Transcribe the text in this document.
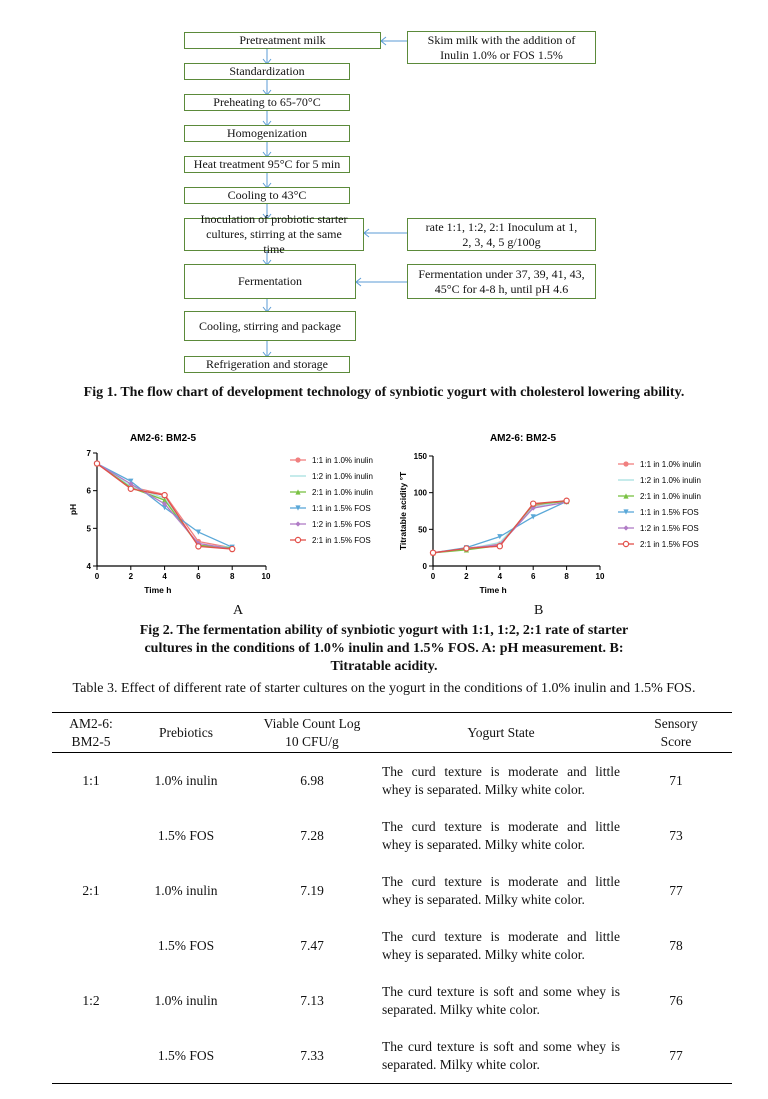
Pretreatment milk
Standardization
Preheating to 65-70°C
Homogenization
Heat treatment 95°C for 5 min
Cooling to 43°C
Inoculation of probiotic starter cultures, stirring at the same time
Fermentation
Cooling, stirring and package
Refrigeration and storage
Skim milk with the addition of Inulin 1.0% or FOS 1.5%
rate 1:1, 1:2, 2:1 Inoculum at 1, 2, 3, 4, 5 g/100g
Fermentation under 37, 39, 41, 43, 45°C for 4-8 h, until pH 4.6
Fig 1. The flow chart of development technology of synbiotic yogurt with cholesterol lowering ability.
AM2-6: BM2-5
0	2	4	6	8	10
4
5
6
7
Time h
pH
1:1 in 1.0% inulin
1:2 in 1.0% inulin
2:1 in 1.0% inulin
1:1 in 1.5% FOS
1:2 in 1.5% FOS
2:1 in 1.5% FOS
AM2-6: BM2-5
0	2	4	6	8	10
0
50
100
150
Time h
Titratable acidity °T
1:1 in 1.0% inulin
1:2 in 1.0% inulin
2:1 in 1.0% inulin
1:1 in 1.5% FOS
1:2 in 1.5% FOS
2:1 in 1.5% FOS
A	B
Fig 2. The fermentation ability of synbiotic yogurt with 1:1, 1:2, 2:1 rate of starter cultures in the conditions of 1.0% inulin and 1.5% FOS. A: pH measurement. B: Titratable acidity.
Table 3. Effect of different rate of starter cultures on the yogurt in the conditions of 1.0% inulin and 1.5% FOS.
AM2-6: BM2-5	Prebiotics	Viable Count Log 10 CFU/g	Yogurt State	Sensory Score
1:1	1.0% inulin	6.98	The curd texture is moderate and little whey is separated. Milky white color.	71
	1.5% FOS	7.28	The curd texture is moderate and little whey is separated. Milky white color.	73
2:1	1.0% inulin	7.19	The curd texture is moderate and little whey is separated. Milky white color.	77
	1.5% FOS	7.47	The curd texture is moderate and little whey is separated. Milky white color.	78
1:2	1.0% inulin	7.13	The curd texture is soft and some whey is separated. Milky white color.	76
	1.5% FOS	7.33	The curd texture is soft and some whey is separated. Milky white color.	77
